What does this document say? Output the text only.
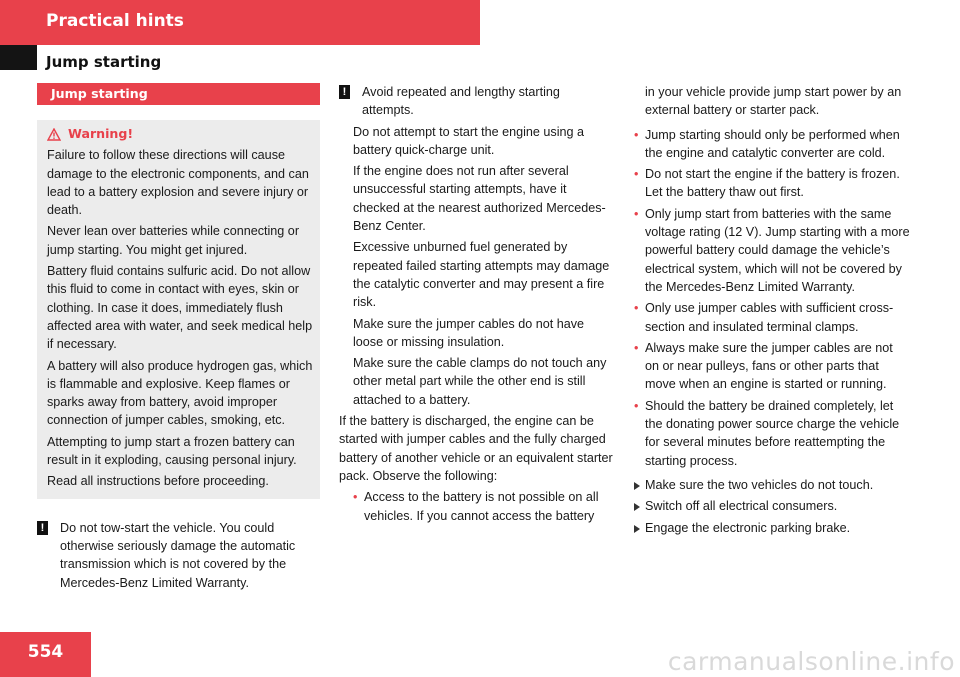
Practical hints
Jump starting
Jump starting
Warning!

Failure to follow these directions will cause damage to the electronic components, and can lead to a battery explosion and severe injury or death.

Never lean over batteries while connecting or jump starting. You might get injured.

Battery fluid contains sulfuric acid. Do not allow this fluid to come in contact with eyes, skin or clothing. In case it does, immediately flush affected area with water, and seek medical help if necessary.

A battery will also produce hydrogen gas, which is flammable and explosive. Keep flames or sparks away from battery, avoid improper connection of jumper cables, smoking, etc.

Attempting to jump start a frozen battery can result in it exploding, causing personal injury.

Read all instructions before proceeding.

! Do not tow-start the vehicle. You could otherwise seriously damage the automatic transmission which is not covered by the Mercedes-Benz Limited Warranty.
! Avoid repeated and lengthy starting attempts.

Do not attempt to start the engine using a battery quick-charge unit.

If the engine does not run after several unsuccessful starting attempts, have it checked at the nearest authorized Mercedes-Benz Center.

Excessive unburned fuel generated by repeated failed starting attempts may damage the catalytic converter and may present a fire risk.

Make sure the jumper cables do not have loose or missing insulation.

Make sure the cable clamps do not touch any other metal part while the other end is still attached to a battery.

If the battery is discharged, the engine can be started with jumper cables and the fully charged battery of another vehicle or an equivalent starter pack. Observe the following:

• Access to the battery is not possible on all vehicles. If you cannot access the battery

in your vehicle provide jump start power by an external battery or starter pack.

• Jump starting should only be performed when the engine and catalytic converter are cold.
• Do not start the engine if the battery is frozen. Let the battery thaw out first.
• Only jump start from batteries with the same voltage rating (12 V). Jump starting with a more powerful battery could damage the vehicle’s electrical system, which will not be covered by the Mercedes-Benz Limited Warranty.
• Only use jumper cables with sufficient cross-section and insulated terminal clamps.
• Always make sure the jumper cables are not on or near pulleys, fans or other parts that move when an engine is started or running.
• Should the battery be drained completely, let the donating power source charge the vehicle for several minutes before reattempting the starting process.
Make sure the two vehicles do not touch.
Switch off all electrical consumers.
Engage the electronic parking brake.
554	carmanualsonline.info
